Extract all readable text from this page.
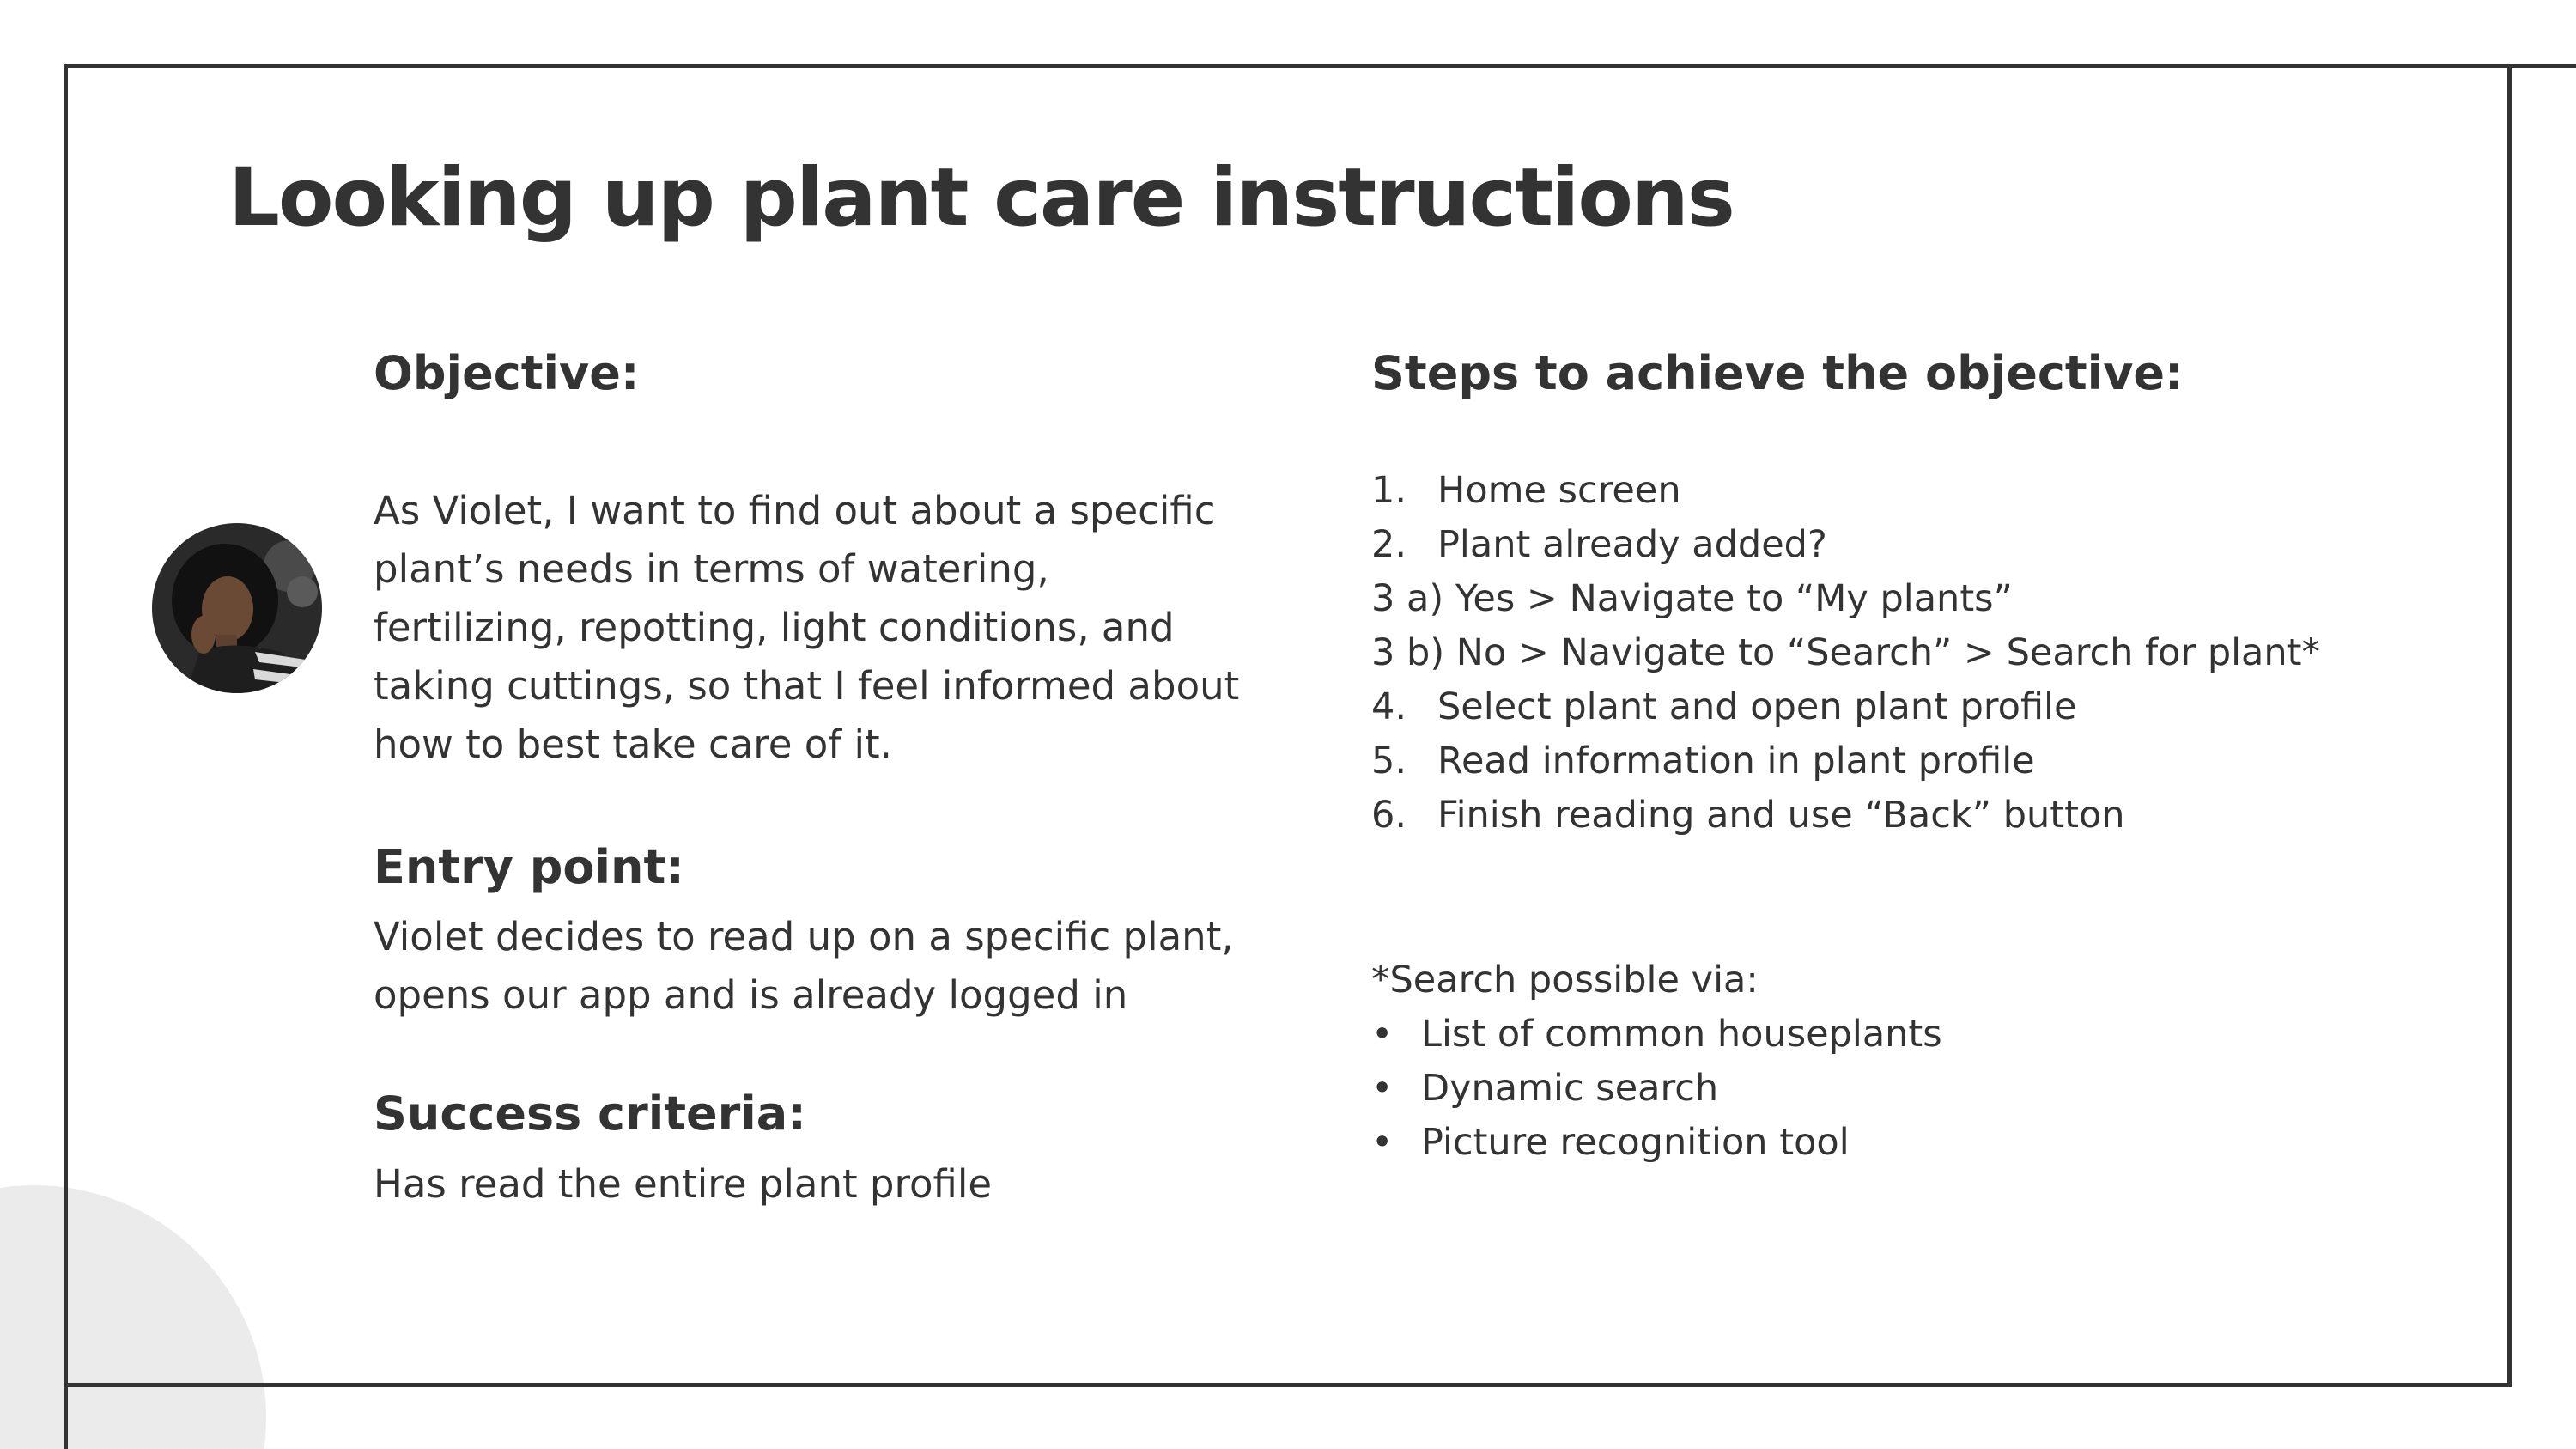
Looking up plant care instructions
Objective:

As Violet, I want to find out about a specific
plant’s needs in terms of watering,
fertilizing, repotting, light conditions, and
taking cuttings, so that I feel informed about
how to best take care of it.

Entry point:

Violet decides to read up on a specific plant,
opens our app and is already logged in

Success criteria:

Has read the entire plant profile

Steps to achieve the objective:
1. Home screen
2. Plant already added?
3 a) Yes > Navigate to “My plants”
3 b) No > Navigate to “Search” > Search for plant*
4. Select plant and open plant profile
5. Read information in plant profile
6. Finish reading and use “Back” button

*Search possible via:

• List of common houseplants
• Dynamic search
• Picture recognition tool
